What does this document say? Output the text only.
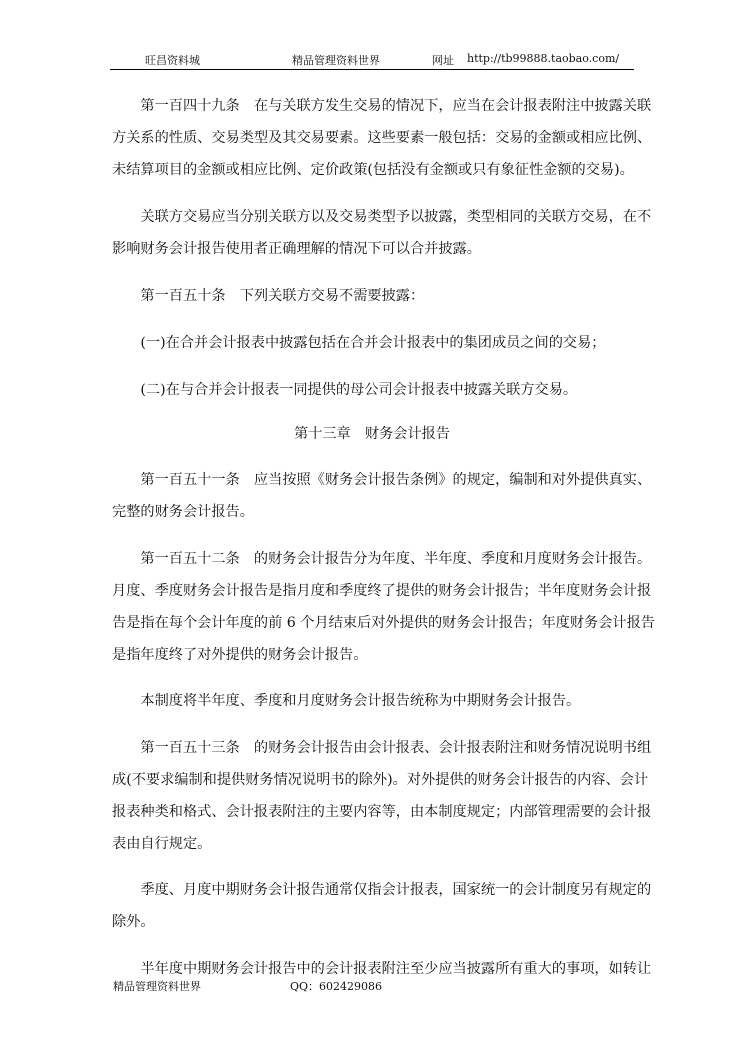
旺昌资料城	精品管理资料世界	网址 http://tb99888.taobao.com/
　　第一百四十九条　在与关联方发生交易的情况下，应当在会计报表附注中披露关联
方关系的性质、交易类型及其交易要素。这些要素一般包括：交易的金额或相应比例、
未结算项目的金额或相应比例、定价政策(包括没有金额或只有象征性金额的交易)。
　　关联方交易应当分别关联方以及交易类型予以披露，类型相同的关联方交易，在不
影响财务会计报告使用者正确理解的情况下可以合并披露。
　　第一百五十条　下列关联方交易不需要披露：
　　(一)在合并会计报表中披露包括在合并会计报表中的集团成员之间的交易；
　　(二)在与合并会计报表一同提供的母公司会计报表中披露关联方交易。
第十三章　财务会计报告
　　第一百五十一条　应当按照《财务会计报告条例》的规定，编制和对外提供真实、
完整的财务会计报告。
　　第一百五十二条　的财务会计报告分为年度、半年度、季度和月度财务会计报告。
月度、季度财务会计报告是指月度和季度终了提供的财务会计报告；半年度财务会计报
告是指在每个会计年度的前 6 个月结束后对外提供的财务会计报告；年度财务会计报告
是指年度终了对外提供的财务会计报告。
　　本制度将半年度、季度和月度财务会计报告统称为中期财务会计报告。
　　第一百五十三条　的财务会计报告由会计报表、会计报表附注和财务情况说明书组
成(不要求编制和提供财务情况说明书的除外)。对外提供的财务会计报告的内容、会计
报表种类和格式、会计报表附注的主要内容等，由本制度规定；内部管理需要的会计报
表由自行规定。
　　季度、月度中期财务会计报告通常仅指会计报表，国家统一的会计制度另有规定的
除外。
　　半年度中期财务会计报告中的会计报表附注至少应当披露所有重大的事项，如转让
精品管理资料世界	QQ：602429086
